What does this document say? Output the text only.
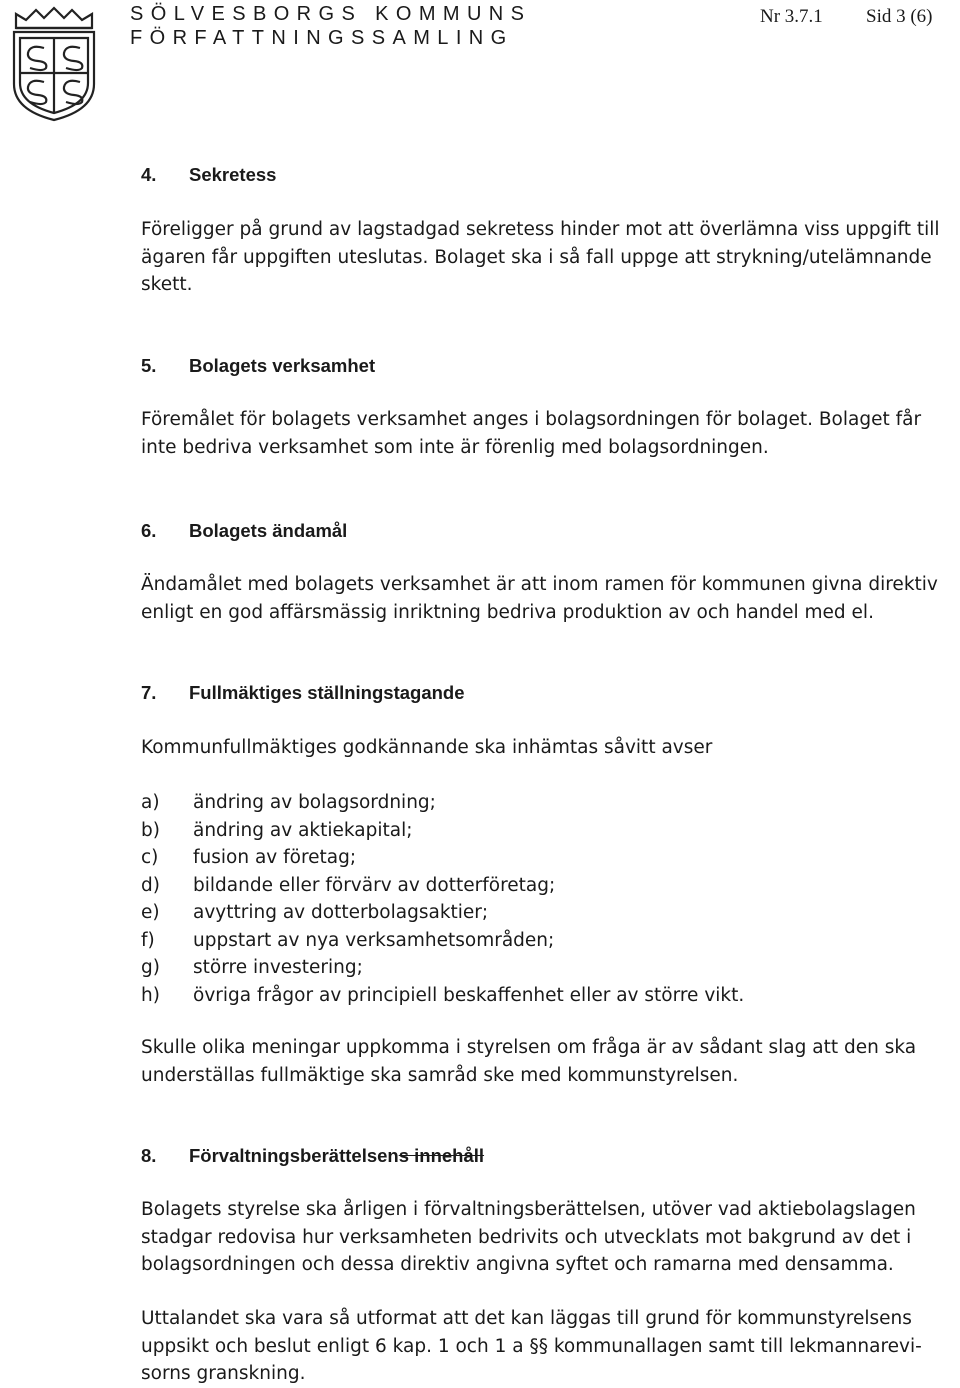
SÖLVESBORGS KOMMUNS
FÖRFATTNINGSSAMLING
Nr 3.7.1 Sid 3 (6)
4. Sekretess
Föreligger på grund av lagstadgad sekretess hinder mot att överlämna viss uppgift till
ägaren får uppgiften uteslutas. Bolaget ska i så fall uppge att strykning/utelämnande
skett.
5. Bolagets verksamhet
Föremålet för bolagets verksamhet anges i bolagsordningen för bolaget. Bolaget får
inte bedriva verksamhet som inte är förenlig med bolagsordningen.
6. Bolagets ändamål
Ändamålet med bolagets verksamhet är att inom ramen för kommunen givna direktiv
enligt en god affärsmässig inriktning bedriva produktion av och handel med el.
7. Fullmäktiges ställningstagande
Kommunfullmäktiges godkännande ska inhämtas såvitt avser
a) ändring av bolagsordning;
b) ändring av aktiekapital;
c) fusion av företag;
d) bildande eller förvärv av dotterföretag;
e) avyttring av dotterbolagsaktier;
f) uppstart av nya verksamhetsområden;
g) större investering;
h) övriga frågor av principiell beskaffenhet eller av större vikt.
Skulle olika meningar uppkomma i styrelsen om fråga är av sådant slag att den ska
underställas fullmäktige ska samråd ske med kommunstyrelsen.
8. Förvaltningsberättelsens innehåll
Bolagets styrelse ska årligen i förvaltningsberättelsen, utöver vad aktiebolagslagen
stadgar redovisa hur verksamheten bedrivits och utvecklats mot bakgrund av det i
bolagsordningen och dessa direktiv angivna syftet och ramarna med densamma.
Uttalandet ska vara så utformat att det kan läggas till grund för kommunstyrelsens
uppsikt och beslut enligt 6 kap. 1 och 1 a §§ kommunallagen samt till lekmannarevi-
sorns granskning.
